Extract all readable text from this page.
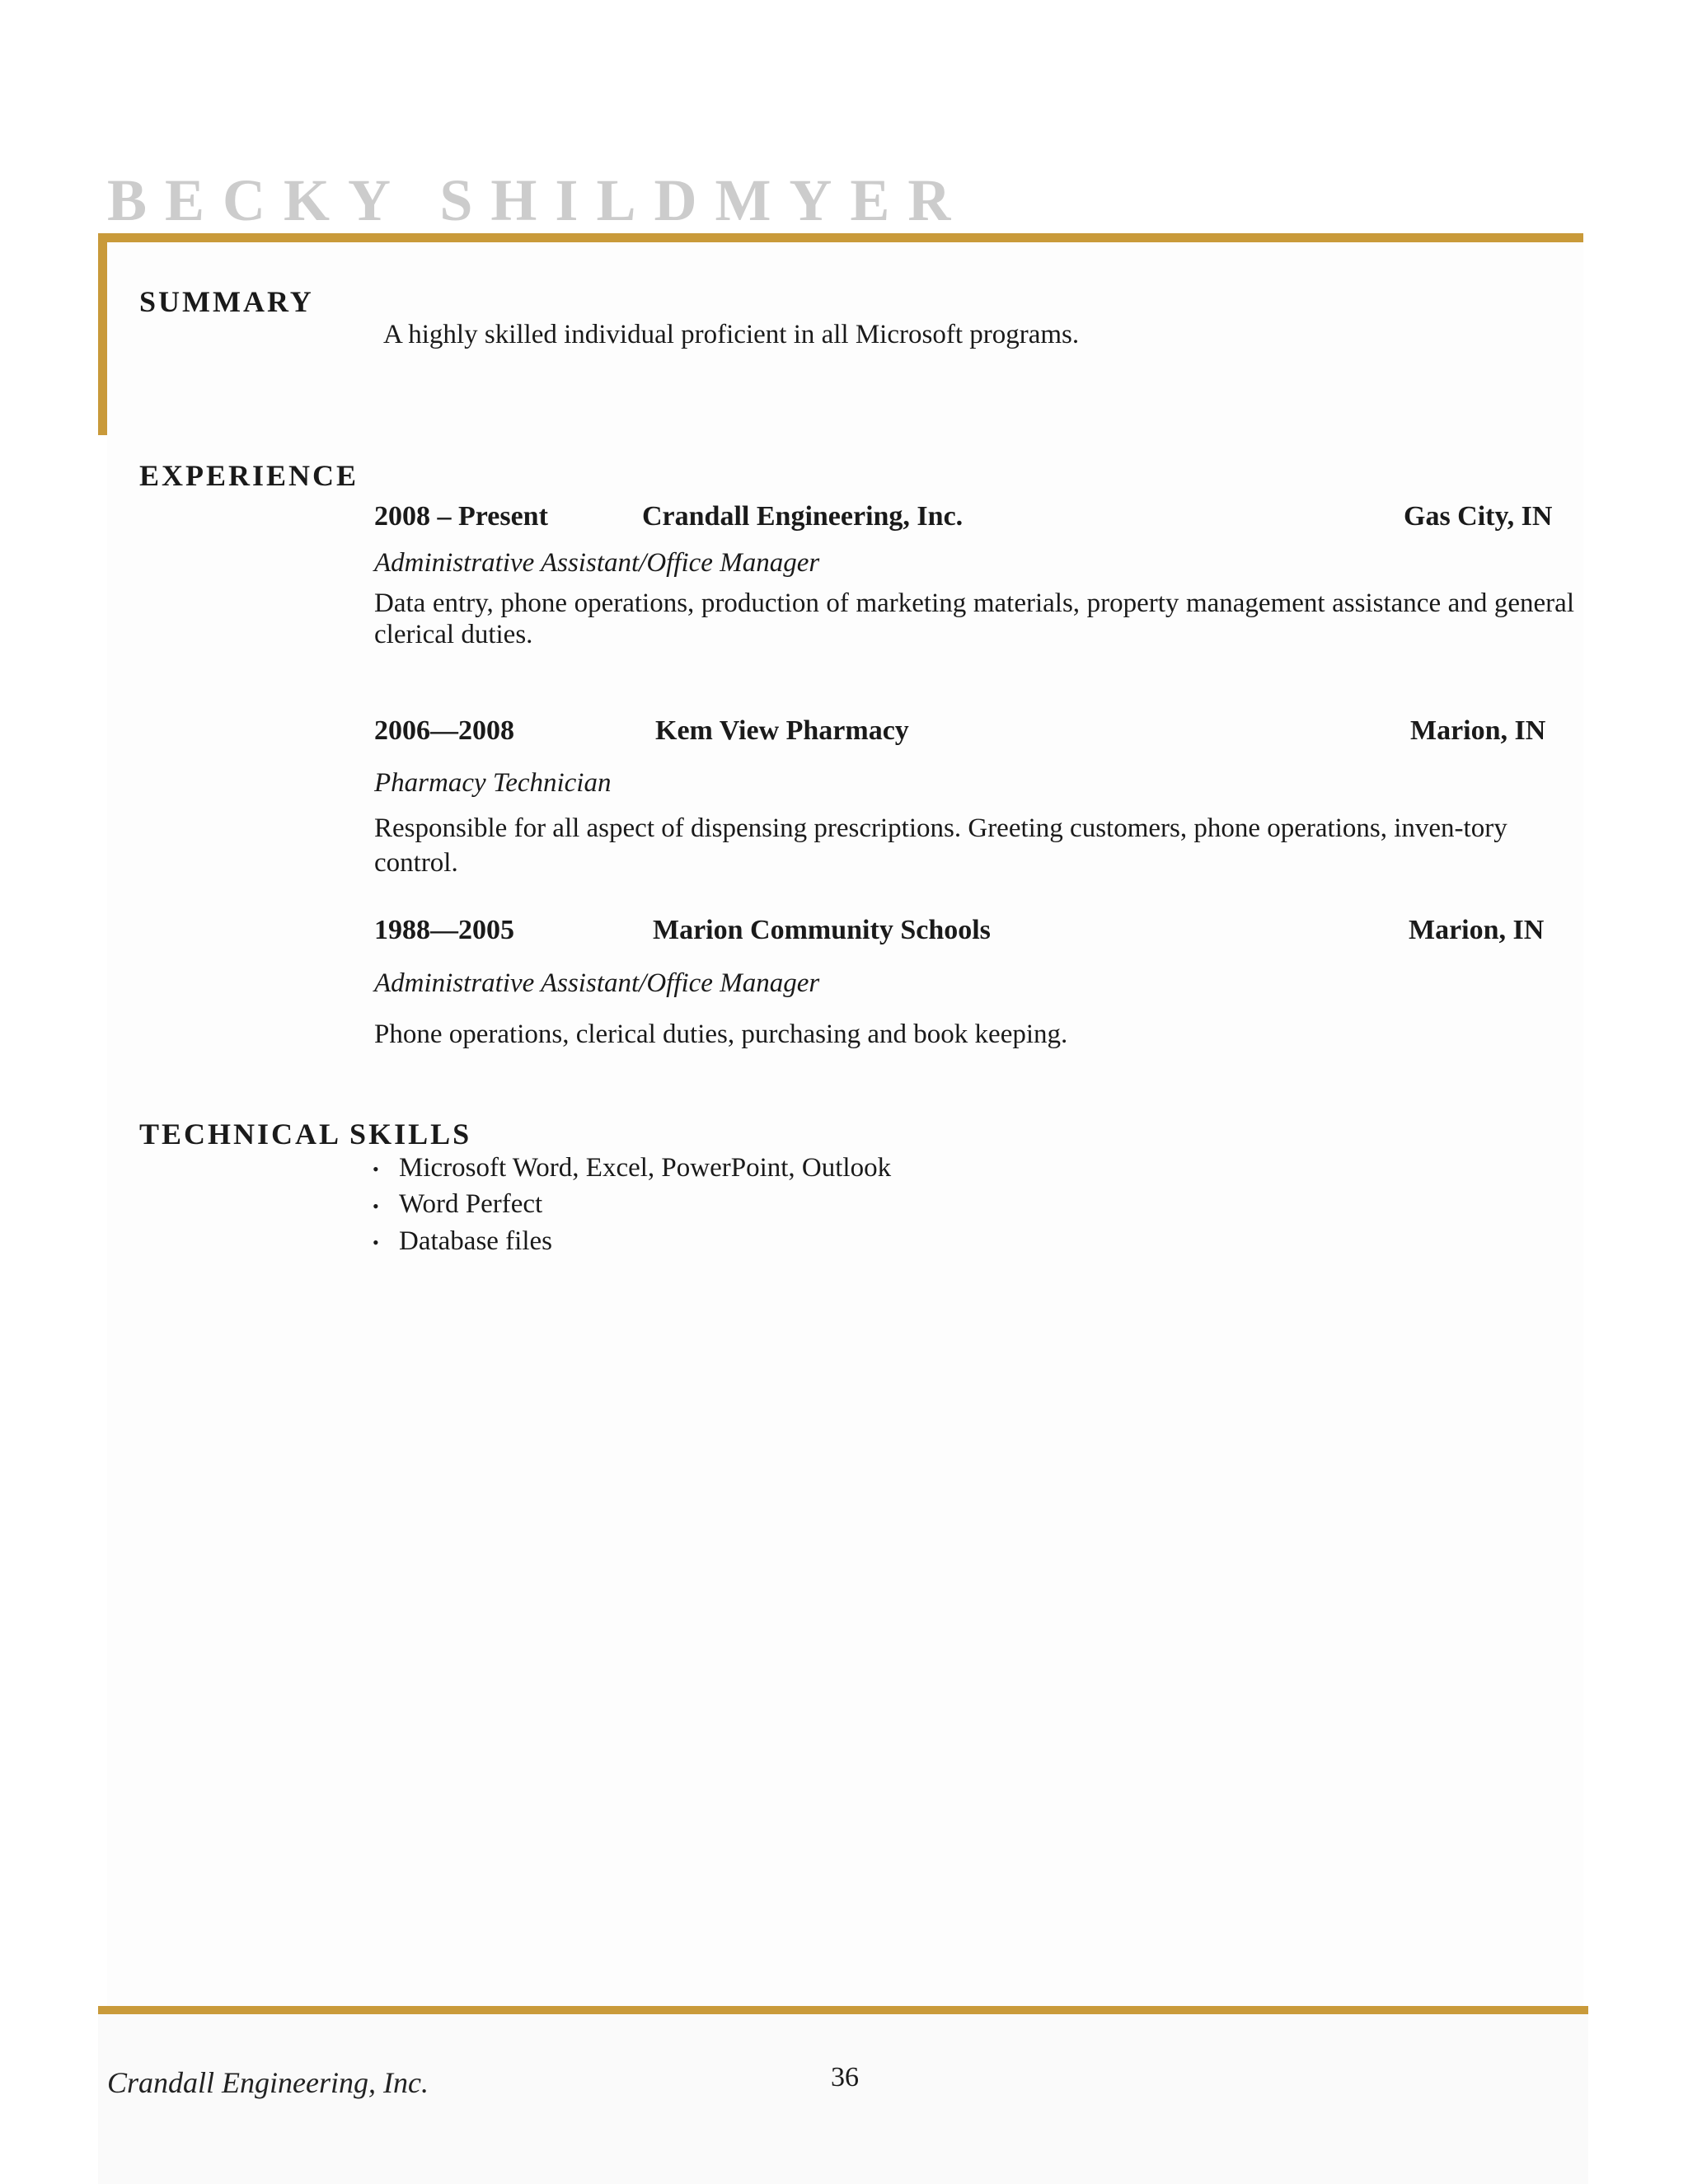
BECKY SHILDMYER
SUMMARY
A highly skilled individual proficient in all Microsoft programs.
EXPERIENCE
2008 – Present	Crandall Engineering, Inc.	Gas City, IN
Administrative Assistant/Office Manager
Data entry, phone operations, production of marketing materials, property management assistance and general clerical duties.
2006—2008	Kem View Pharmacy	Marion, IN
Pharmacy Technician
Responsible for all aspect of dispensing prescriptions. Greeting customers, phone operations, inven-tory control.
1988—2005	Marion Community Schools	Marion, IN
Administrative Assistant/Office Manager
Phone operations, clerical duties, purchasing and book keeping.
TECHNICAL SKILLS
• Microsoft Word, Excel, PowerPoint, Outlook
• Word Perfect
• Database files
Crandall Engineering, Inc.	36
